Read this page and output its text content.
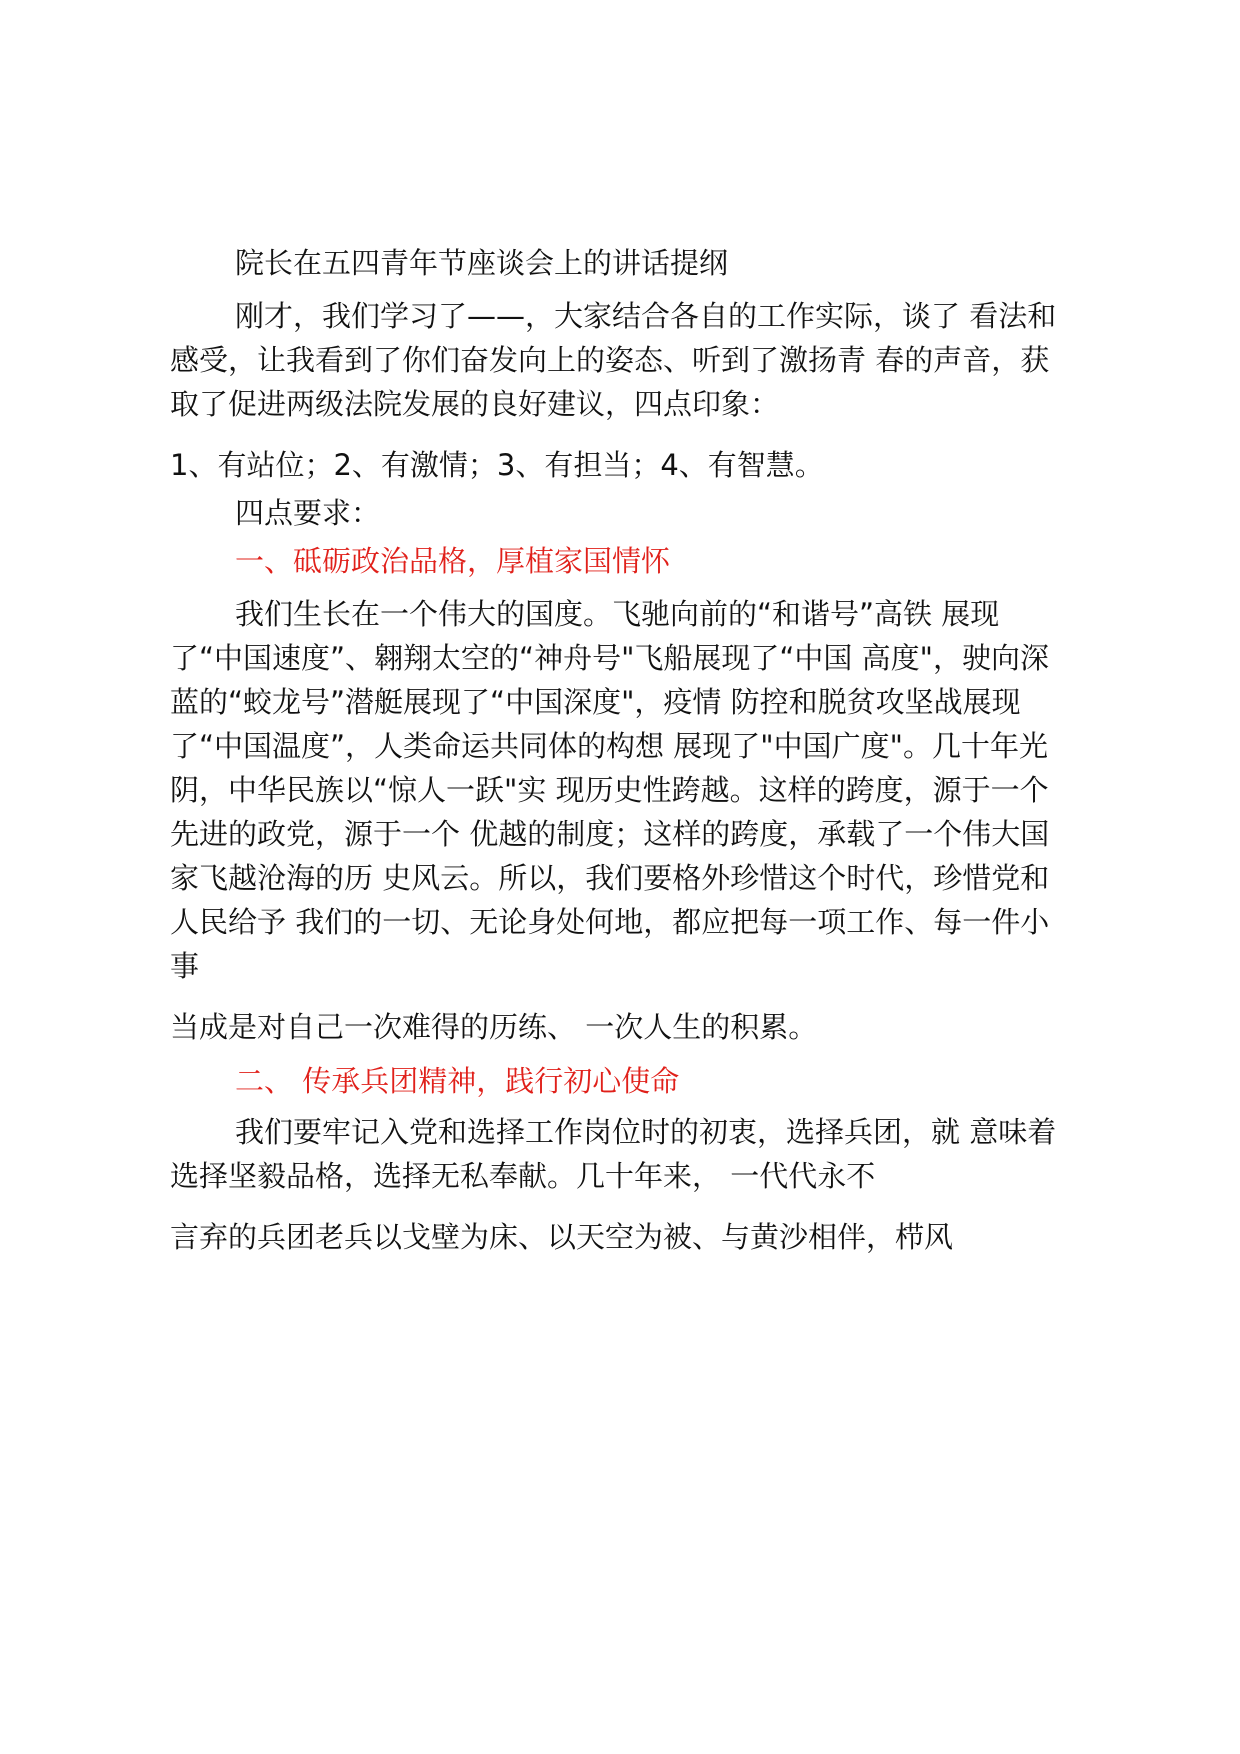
院长在五四青年节座谈会上的讲话提纲
刚才，我们学习了——，大家结合各自的工作实际，谈了 看法和
感受，让我看到了你们奋发向上的姿态、听到了激扬青 春的声音，获
取了促进两级法院发展的良好建议，四点印象：
1、有站位；2、有激情；3、有担当；4、有智慧。
四点要求：
一、砥砺政治品格，厚植家国情怀
我们生长在一个伟大的国度。飞驰向前的“和谐号”高铁 展现
了“中国速度”、翱翔太空的“神舟号"飞船展现了“中国 高度"，驶向深
蓝的“蛟龙号”潜艇展现了“中国深度"，疫情 防控和脱贫攻坚战展现
了“中国温度”，人类命运共同体的构想 展现了"中国广度"。几十年光
阴，中华民族以“惊人一跃"实 现历史性跨越。这样的跨度，源于一个
先进的政党，源于一个 优越的制度；这样的跨度，承载了一个伟大国
家飞越沧海的历 史风云。所以，我们要格外珍惜这个时代，珍惜党和
人民给予 我们的一切、无论身处何地，都应把每一项工作、每一件小
事
当成是对自己一次难得的历练、 一次人生的积累。
二、 传承兵团精神，践行初心使命
我们要牢记入党和选择工作岗位时的初衷，选择兵团，就 意味着
选择坚毅品格，选择无私奉献。几十年来， 一代代永不
言弃的兵团老兵以戈壁为床、以天空为被、与黄沙相伴，栉风
